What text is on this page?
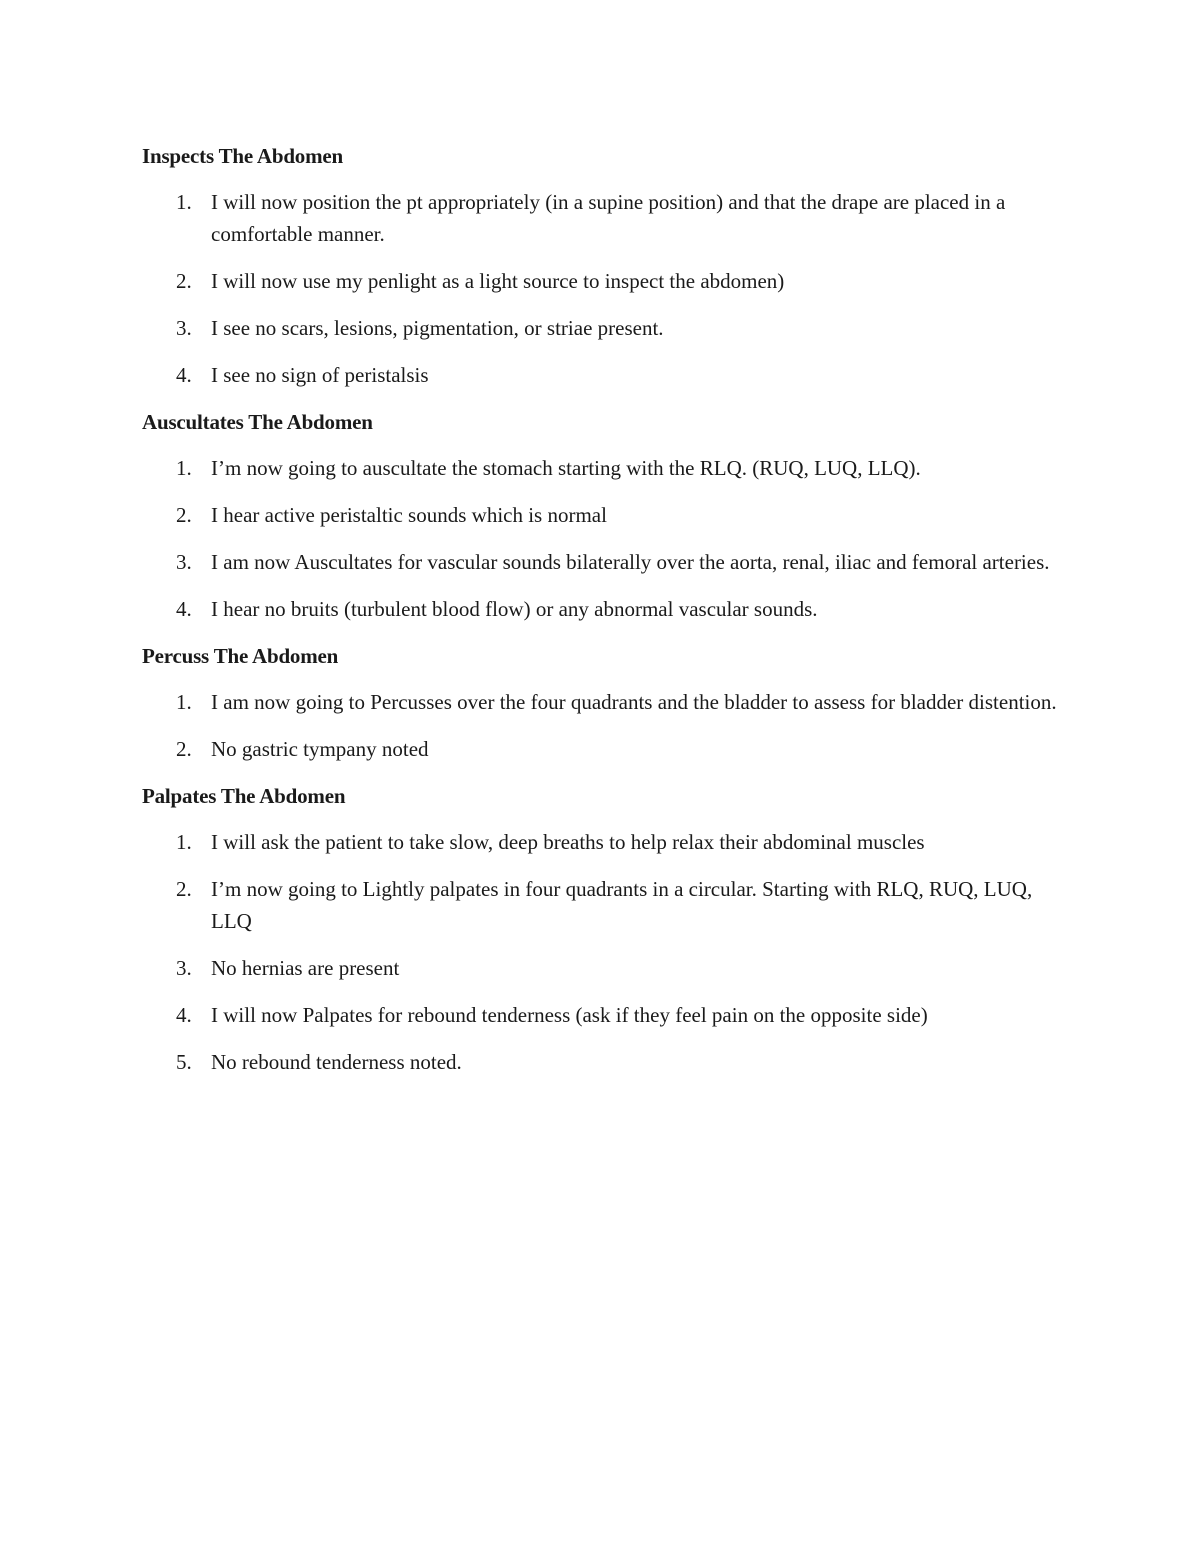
Inspects The Abdomen
1. I will now position the pt appropriately (in a supine position) and that the drape are placed in a comfortable manner.
2. I will now use my penlight as a light source to inspect the abdomen)
3. I see no scars, lesions, pigmentation, or striae present.
4. I see no sign of peristalsis
Auscultates The Abdomen
1. I’m now going to auscultate the stomach starting with the RLQ. (RUQ, LUQ, LLQ).
2. I hear active peristaltic sounds which is normal
3. I am now Auscultates for vascular sounds bilaterally over the aorta, renal, iliac and femoral arteries.
4. I hear no bruits (turbulent blood flow) or any abnormal vascular sounds.
Percuss The Abdomen
1. I am now going to Percusses over the four quadrants and the bladder to assess for bladder distention.
2. No gastric tympany noted
Palpates The Abdomen
1. I will ask the patient to take slow, deep breaths to help relax their abdominal muscles
2. I’m now going to Lightly palpates in four quadrants in a circular. Starting with RLQ, RUQ, LUQ, LLQ
3. No hernias are present
4. I will now Palpates for rebound tenderness (ask if they feel pain on the opposite side)
5. No rebound tenderness noted.
